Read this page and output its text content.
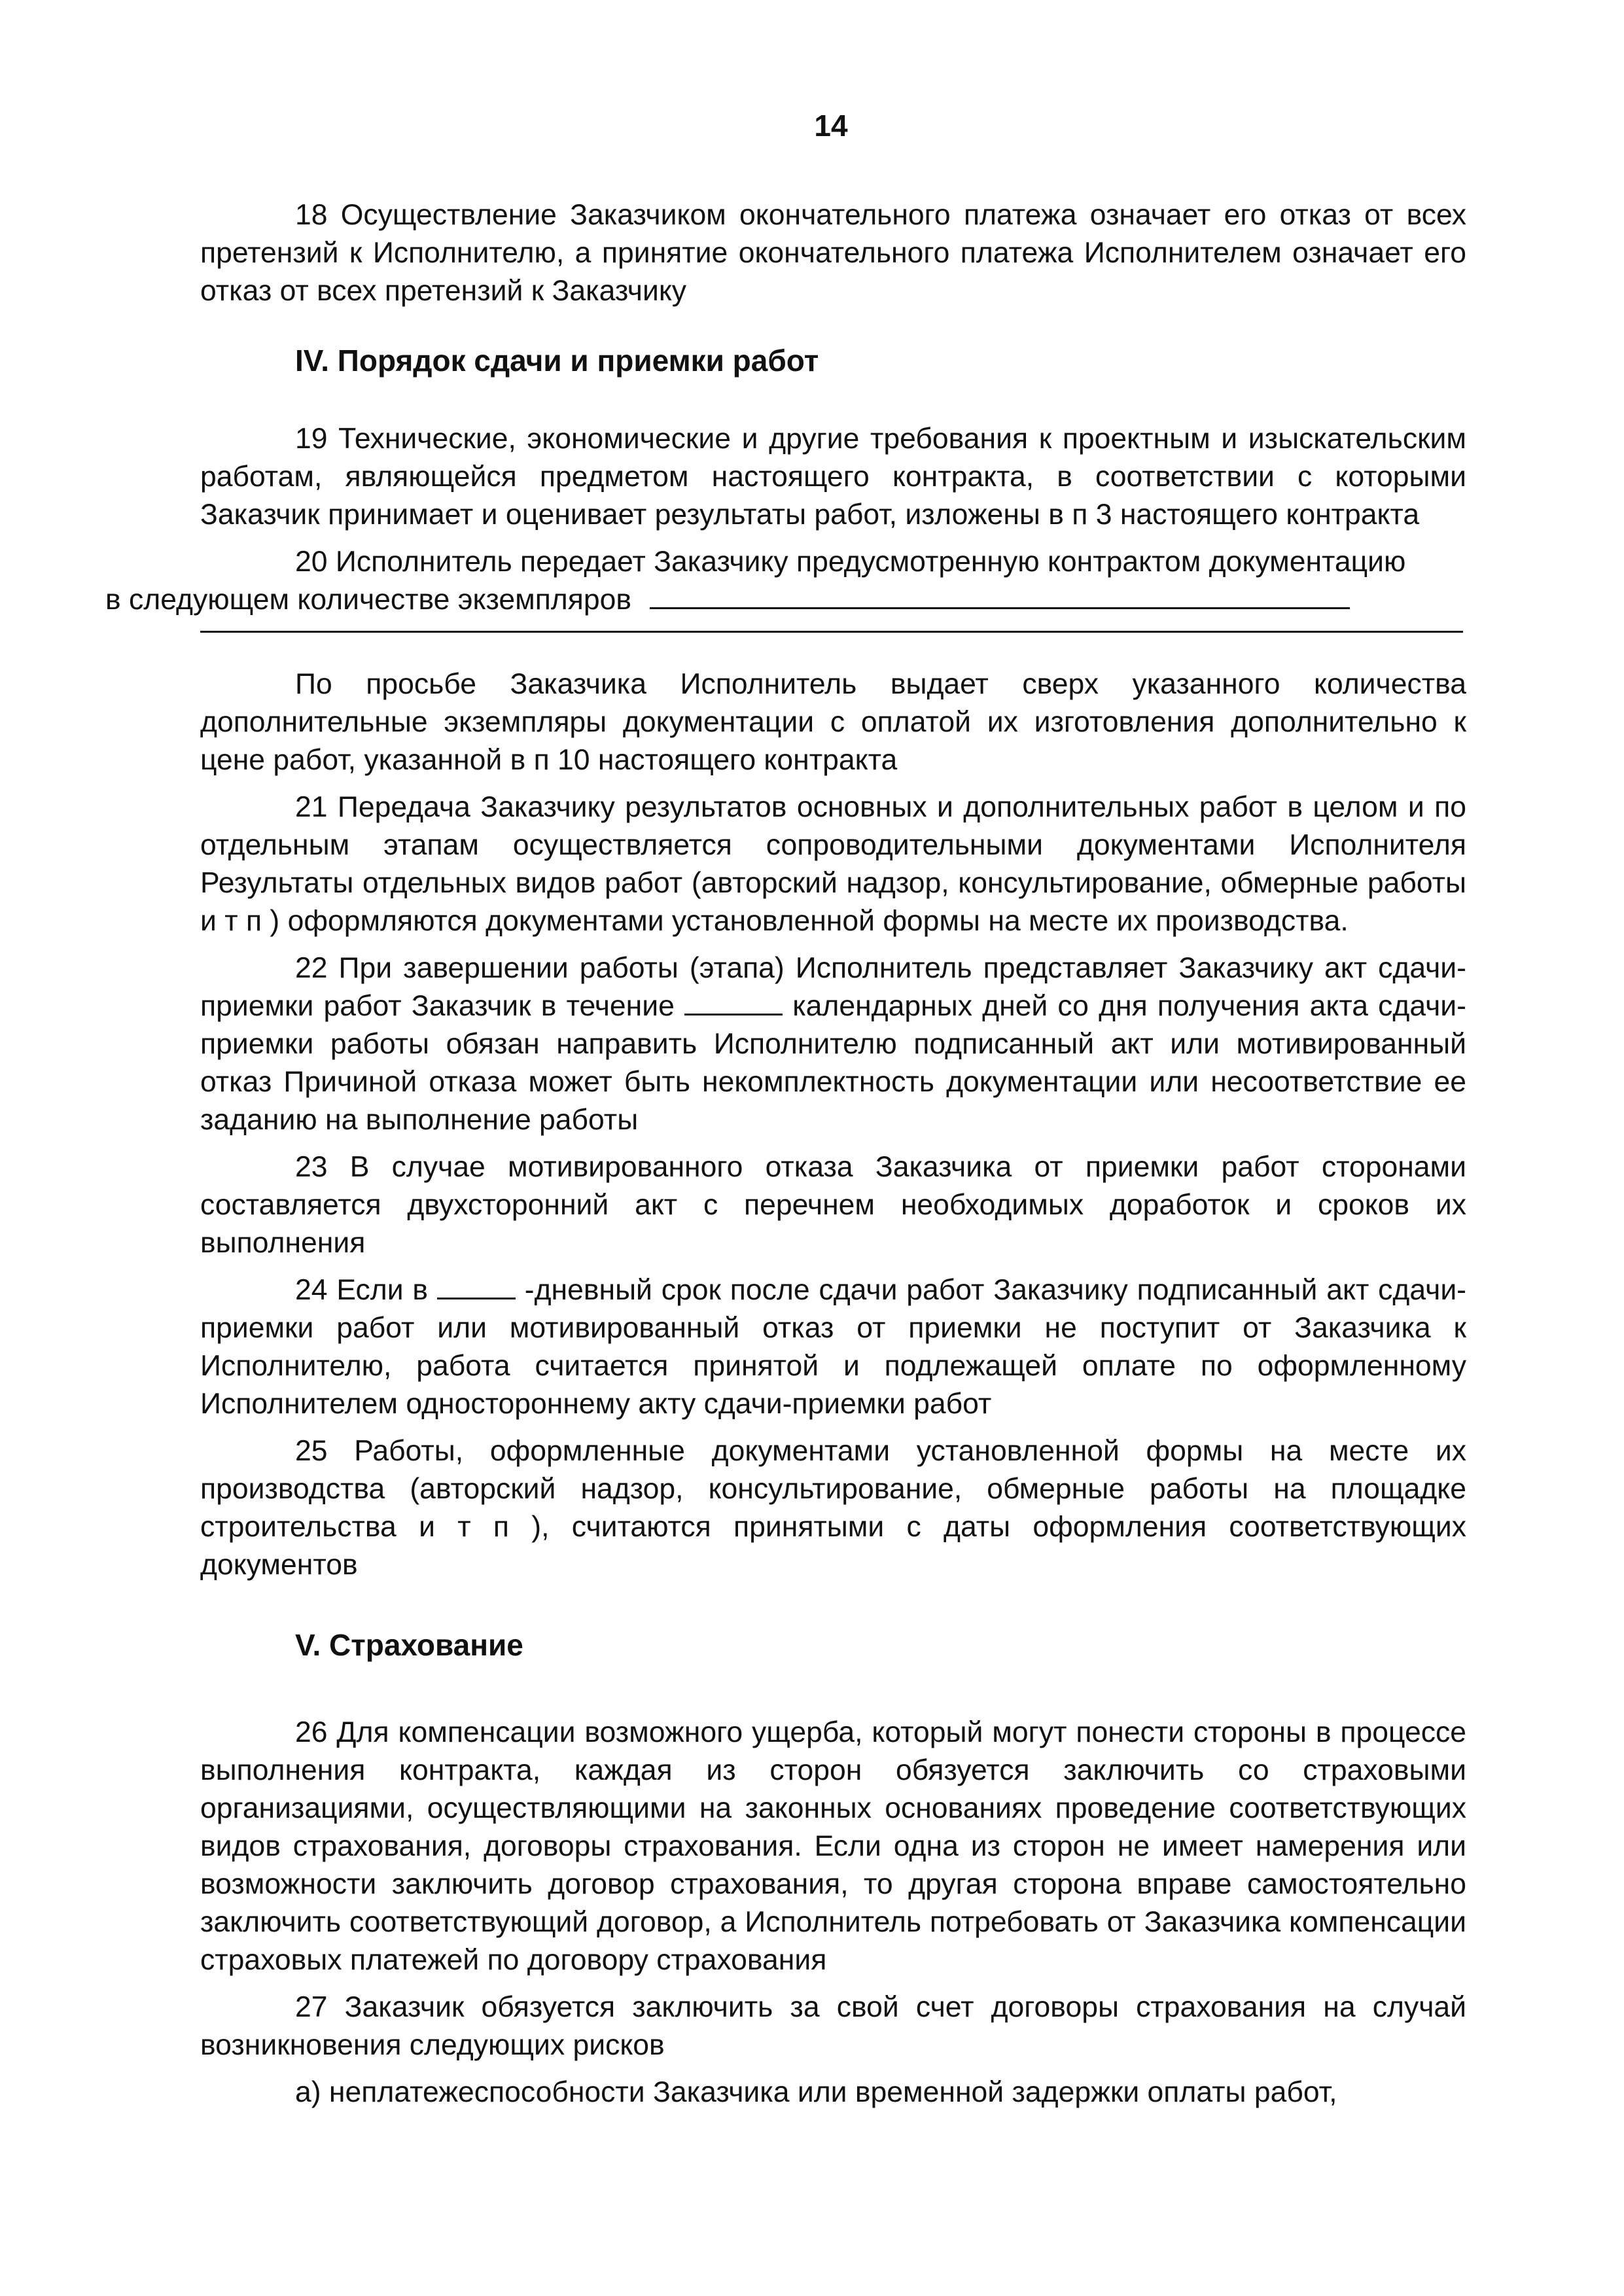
14

18 Осуществление Заказчиком окончательного платежа означает его отказ от всех претензий к Исполнителю, а принятие окончательного платежа Исполнителем означает его отказ от всех претензий к Заказчику

IV. Порядок сдачи и приемки работ

19 Технические, экономические и другие требования к проектным и изыскательским работам, являющейся предметом настоящего контракта, в соответствии с которыми Заказчик принимает и оценивает результаты работ, изложены в п 3 настоящего контракта

20 Исполнитель передает Заказчику предусмотренную контрактом документацию
в следующем количестве экземпляров

По просьбе Заказчика Исполнитель выдает сверх указанного количества дополнительные экземпляры документации с оплатой их изготовления дополнительно к цене работ, указанной в п 10 настоящего контракта

21 Передача Заказчику результатов основных и дополнительных работ в целом и по отдельным этапам осуществляется сопроводительными документами Исполнителя Результаты отдельных видов работ (авторский надзор, консультирование, обмерные работы и т п ) оформляются документами установленной формы на месте их производства.

22 При завершении работы (этапа) Исполнитель представляет Заказчику акт сдачи-приемки работ Заказчик в течение	календарных дней со дня получения акта сдачи-приемки работы обязан направить Исполнителю подписанный акт или мотивированный отказ Причиной отказа может быть некомплектность документации или несоответствие ее заданию на выполнение работы

23 В случае мотивированного отказа Заказчика от приемки работ сторонами составляется двухсторонний акт с перечнем необходимых доработок и сроков их выполнения

24 Если в	-дневный срок после сдачи работ Заказчику подписанный акт сдачи-приемки работ или мотивированный отказ от приемки не поступит от Заказчика к Исполнителю, работа считается принятой и подлежащей оплате по оформленному Исполнителем одностороннему акту сдачи-приемки работ

25 Работы, оформленные документами установленной формы на месте их производства (авторский надзор, консультирование, обмерные работы на площадке строительства и т п ), считаются принятыми с даты оформления соответствующих документов

V. Страхование

26 Для компенсации возможного ущерба, который могут понести стороны в процессе выполнения контракта, каждая из сторон обязуется заключить со страховыми организациями, осуществляющими на законных основаниях проведение соответствующих видов страхования, договоры страхования. Если одна из сторон не имеет намерения или возможности заключить договор страхования, то другая сторона вправе самостоятельно заключить соответствующий договор, а Исполнитель потребовать от Заказчика компенсации страховых платежей по договору страхования

27 Заказчик обязуется заключить за свой счет договоры страхования на случай возникновения следующих рисков

а) неплатежеспособности Заказчика или временной задержки оплаты работ,
